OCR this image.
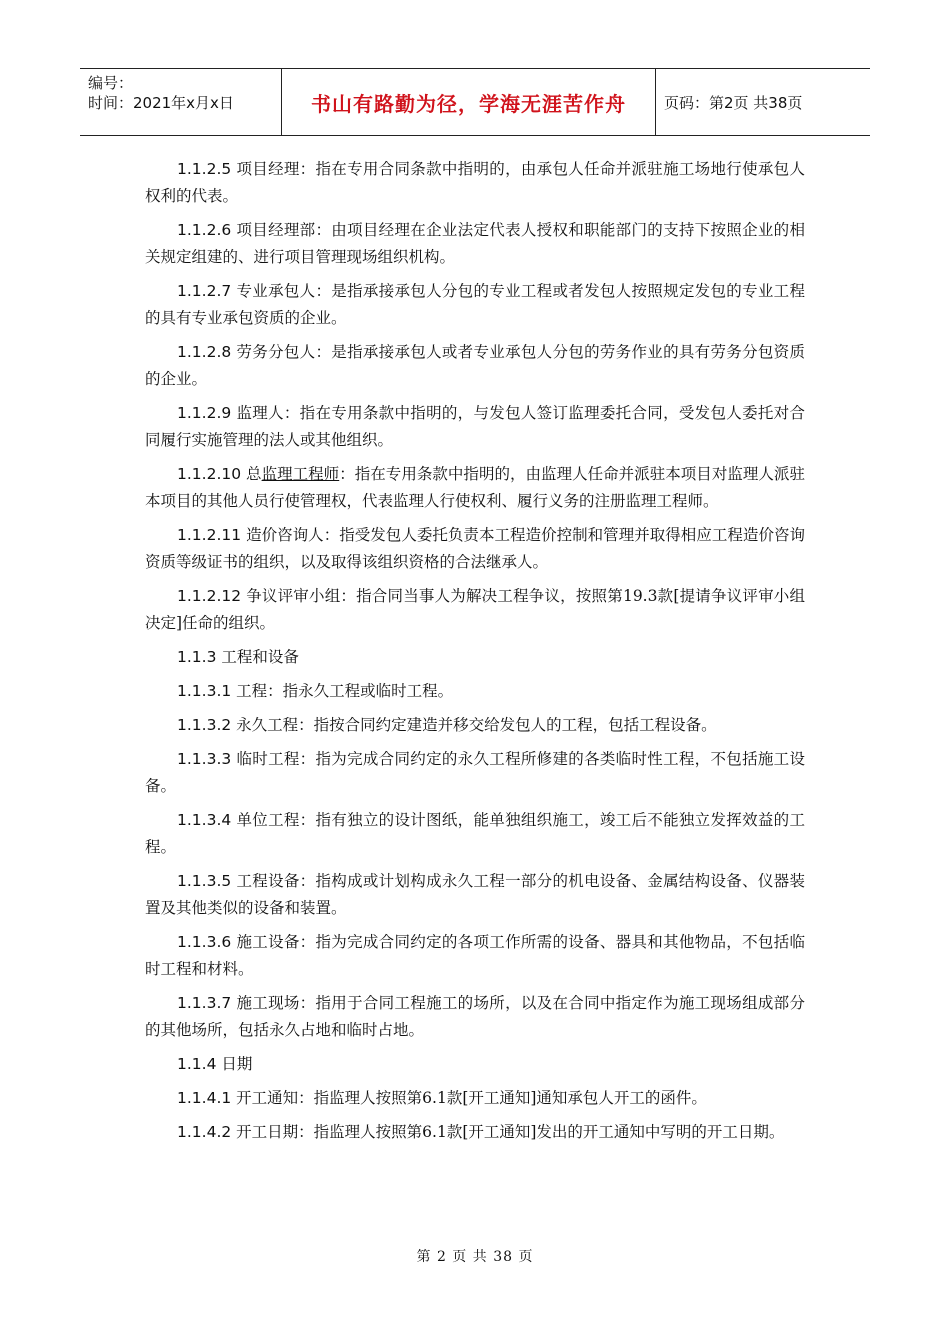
编号：
时间：2021年x月x日	书山有路勤为径，学海无涯苦作舟	页码：第2页 共38页

1.1.2.5 项目经理：指在专用合同条款中指明的，由承包人任命并派驻施工场地行使承包人权利的代表。

1.1.2.6 项目经理部：由项目经理在企业法定代表人授权和职能部门的支持下按照企业的相关规定组建的、进行项目管理现场组织机构。

1.1.2.7 专业承包人：是指承接承包人分包的专业工程或者发包人按照规定发包的专业工程的具有专业承包资质的企业。

1.1.2.8 劳务分包人：是指承接承包人或者专业承包人分包的劳务作业的具有劳务分包资质的企业。

1.1.2.9 监理人：指在专用条款中指明的，与发包人签订监理委托合同，受发包人委托对合同履行实施管理的法人或其他组织。

1.1.2.10 总监理工程师：指在专用条款中指明的，由监理人任命并派驻本项目对监理人派驻本项目的其他人员行使管理权，代表监理人行使权利、履行义务的注册监理工程师。

1.1.2.11 造价咨询人：指受发包人委托负责本工程造价控制和管理并取得相应工程造价咨询资质等级证书的组织，以及取得该组织资格的合法继承人。

1.1.2.12 争议评审小组：指合同当事人为解决工程争议，按照第19.3款[提请争议评审小组决定]任命的组织。

1.1.3 工程和设备

1.1.3.1 工程：指永久工程或临时工程。

1.1.3.2 永久工程：指按合同约定建造并移交给发包人的工程，包括工程设备。

1.1.3.3 临时工程：指为完成合同约定的永久工程所修建的各类临时性工程，不包括施工设备。

1.1.3.4 单位工程：指有独立的设计图纸，能单独组织施工，竣工后不能独立发挥效益的工程。

1.1.3.5 工程设备：指构成或计划构成永久工程一部分的机电设备、金属结构设备、仪器装置及其他类似的设备和装置。

1.1.3.6 施工设备：指为完成合同约定的各项工作所需的设备、器具和其他物品，不包括临时工程和材料。

1.1.3.7 施工现场：指用于合同工程施工的场所，以及在合同中指定作为施工现场组成部分的其他场所，包括永久占地和临时占地。

1.1.4 日期

1.1.4.1 开工通知：指监理人按照第6.1款[开工通知]通知承包人开工的函件。

1.1.4.2 开工日期：指监理人按照第6.1款[开工通知]发出的开工通知中写明的开工日期。

第 2 页 共 38 页
